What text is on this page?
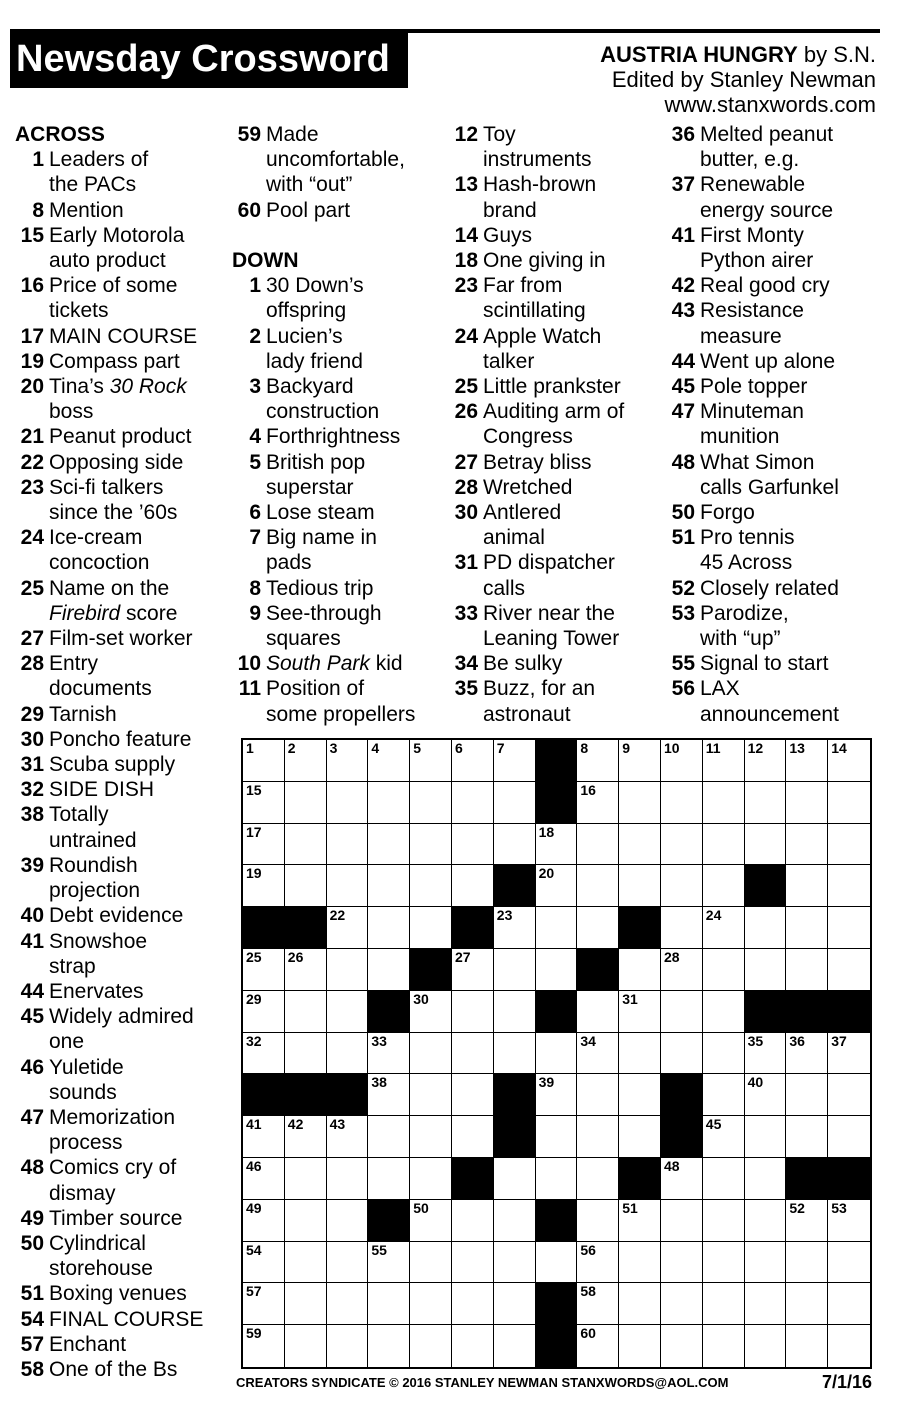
Newsday Crossword	AUSTRIA HUNGRY by S.N.
Edited by Stanley Newman
www.stanxwords.com
ACROSS
1 Leaders of
the PACs
8 Mention
15 Early Motorola
auto product
16 Price of some
tickets
17 MAIN COURSE
19 Compass part
20 Tina’s 30 Rock
boss
21 Peanut product
22 Opposing side
23 Sci-fi talkers
since the ’60s
24 Ice-cream
concoction
25 Name on the
Firebird score
27 Film-set worker
28 Entry
documents
29 Tarnish
30 Poncho feature
31 Scuba supply
32 SIDE DISH
38 Totally
untrained
39 Roundish
projection
40 Debt evidence
41 Snowshoe
strap
44 Enervates
45 Widely admired
one
46 Yuletide
sounds
47 Memorization
process
48 Comics cry of
dismay
49 Timber source
50 Cylindrical
storehouse
51 Boxing venues
54 FINAL COURSE
57 Enchant
58 One of the Bs
59 Made
uncomfortable,
with “out”
60 Pool part
DOWN
1 30 Down’s
offspring
2 Lucien’s
lady friend
3 Backyard
construction
4 Forthrightness
5 British pop
superstar
6 Lose steam
7 Big name in
pads
8 Tedious trip
9 See-through
squares
10 South Park kid
11 Position of
some propellers
12 Toy
instruments
13 Hash-brown
brand
14 Guys
18 One giving in
23 Far from
scintillating
24 Apple Watch
talker
25 Little prankster
26 Auditing arm of
Congress
27 Betray bliss
28 Wretched
30 Antlered
animal
31 PD dispatcher
calls
33 River near the
Leaning Tower
34 Be sulky
35 Buzz, for an
astronaut
36 Melted peanut
butter, e.g.
37 Renewable
energy source
41 First Monty
Python airer
42 Real good cry
43 Resistance
measure
44 Went up alone
45 Pole topper
47 Minuteman
munition
48 What Simon
calls Garfunkel
50 Forgo
51 Pro tennis
45 Across
52 Closely related
53 Parodize,
with “up”
55 Signal to start
56 LAX
announcement
1 2 3 4 5 6 7	8 9 10 11 12 13 14
15	16
17	18
19	20	21
22	23	24
25 26	27	28
29	30	31
32	33	34	35 36 37
38	39	40
41 42 43	44	45
46	47	48
49	50	51	52 53
54	55	56
57	58
59	60
CREATORS SYNDICATE © 2016 STANLEY NEWMAN STANXWORDS@AOL.COM	7/1/16
